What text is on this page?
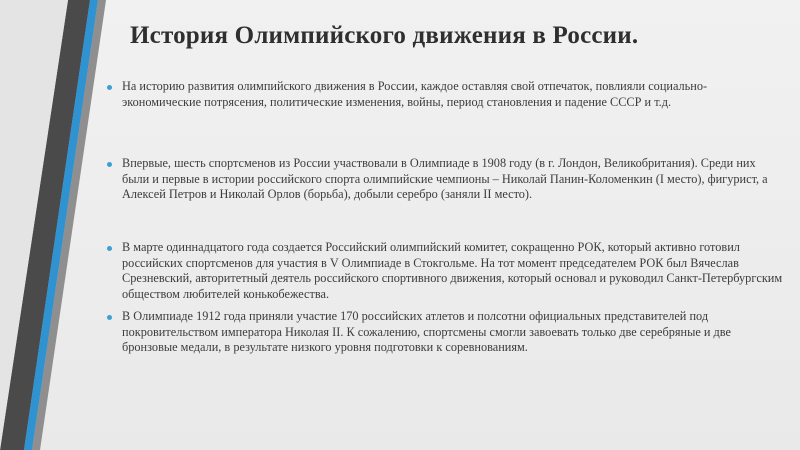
История Олимпийского движения в России.
На историю развития олимпийского движения в России, каждое оставляя свой отпечаток, повлияли социально-экономические потрясения, политические изменения, войны, период становления и падение СССР и т.д.
Впервые, шесть спортсменов из России участвовали в Олимпиаде в 1908 году (в г. Лондон, Великобритания). Среди них были и первые в истории российского спорта олимпийские чемпионы – Николай Панин-Коломенкин (I место), фигурист, а Алексей Петров и Николай Орлов (борьба), добыли серебро (заняли II место).
В марте одиннадцатого года создается Российский олимпийский комитет, сокращенно РОК, который активно готовил российских спортсменов для участия в V Олимпиаде в Стокгольме. На тот момент председателем РОК был Вячеслав Срезневский, авторитетный деятель российского спортивного движения, который основал и руководил Санкт-Петербургским обществом любителей конькобежества.
В Олимпиаде 1912 года приняли участие 170 российских атлетов и полсотни официальных представителей под покровительством императора Николая II. К сожалению, спортсмены смогли завоевать только две серебряные и две бронзовые медали, в результате низкого уровня подготовки к соревнованиям.
